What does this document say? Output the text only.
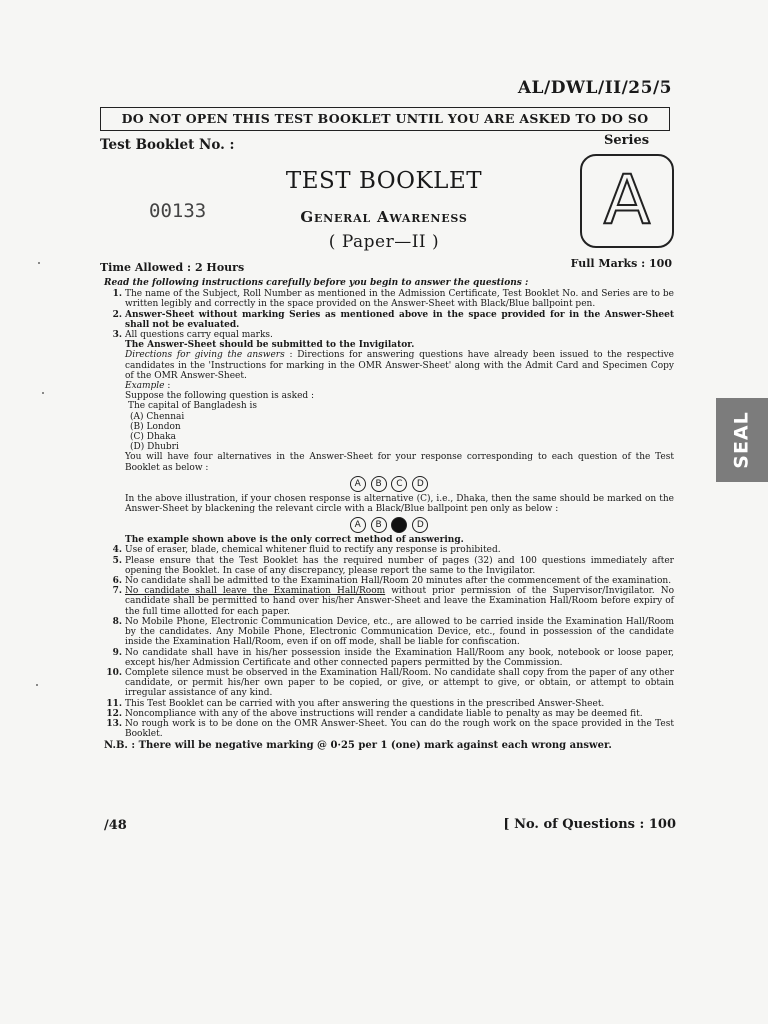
AL/DWL/II/25/5
DO NOT OPEN THIS TEST BOOKLET UNTIL YOU ARE ASKED TO DO SO
Test Booklet No. :	Series
A
TEST BOOKLET
00133	General Awareness
( Paper—II )
Time Allowed : 2 Hours	Full Marks : 100

Read the following instructions carefully before you begin to answer the questions :

1. The name of the Subject, Roll Number as mentioned in the Admission Certificate, Test Booklet No. and Series are to be written legibly and correctly in the space provided on the Answer-Sheet with Black/Blue ballpoint pen.
2. Answer-Sheet without marking Series as mentioned above in the space provided for in the Answer-Sheet shall not be evaluated.
3. All questions carry equal marks.

The Answer-Sheet should be submitted to the Invigilator.

Directions for giving the answers : Directions for answering questions have already been issued to the respective candidates in the 'Instructions for marking in the OMR Answer-Sheet' along with the Admit Card and Specimen Copy of the OMR Answer-Sheet.

Example :

Suppose the following question is asked :

The capital of Bangladesh is

(A) Chennai

(B) London

(C) Dhaka

(D) Dhubri

You will have four alternatives in the Answer-Sheet for your response corresponding to each question of the Test Booklet as below :

A B C D

In the above illustration, if your chosen response is alternative (C), i.e., Dhaka, then the same should be marked on the Answer-Sheet by blackening the relevant circle with a Black/Blue ballpoint pen only as below :

A B	D

The example shown above is the only correct method of answering.

4. Use of eraser, blade, chemical whitener fluid to rectify any response is prohibited.
5. Please ensure that the Test Booklet has the required number of pages (32) and 100 questions immediately after opening the Booklet. In case of any discrepancy, please report the same to the Invigilator.
6. No candidate shall be admitted to the Examination Hall/Room 20 minutes after the commencement of the examination.
7. No candidate shall leave the Examination Hall/Room without prior permission of the Supervisor/Invigilator. No candidate shall be permitted to hand over his/her Answer-Sheet and leave the Examination Hall/Room before expiry of the full time allotted for each paper.
8. No Mobile Phone, Electronic Communication Device, etc., are allowed to be carried inside the Examination Hall/Room by the candidates. Any Mobile Phone, Electronic Communication Device, etc., found in possession of the candidate inside the Examination Hall/Room, even if on off mode, shall be liable for confiscation.
9. No candidate shall have in his/her possession inside the Examination Hall/Room any book, notebook or loose paper, except his/her Admission Certificate and other connected papers permitted by the Commission.
10. Complete silence must be observed in the Examination Hall/Room. No candidate shall copy from the paper of any other candidate, or permit his/her own paper to be copied, or give, or attempt to give, or obtain, or attempt to obtain irregular assistance of any kind.
11. This Test Booklet can be carried with you after answering the questions in the prescribed Answer-Sheet.
12. Noncompliance with any of the above instructions will render a candidate liable to penalty as may be deemed fit.
13. No rough work is to be done on the OMR Answer-Sheet. You can do the rough work on the space provided in the Test Booklet.

N.B. : There will be negative marking @ 0·25 per 1 (one) mark against each wrong answer.

/48	[ No. of Questions : 100
SEAL
